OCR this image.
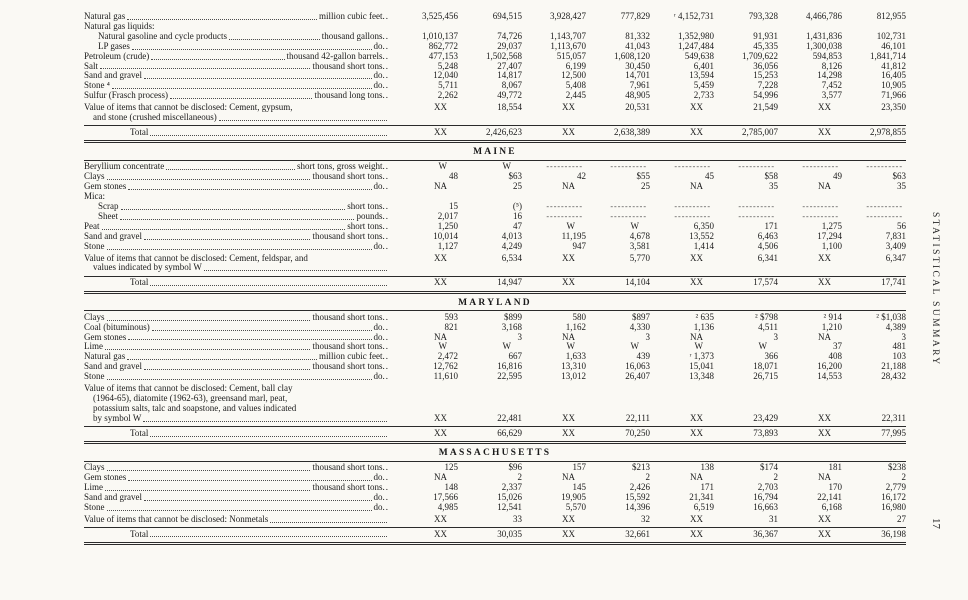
Natural gas	million cubic feet ..	3,525,456	694,515	3,928,427	777,829	ʳ 4,152,731	793,328	4,466,786	812,955
Natural gas liquids:
Natural gasoline and cycle products	thousand gallons ..	1,010,137	74,726	1,143,707	81,332	1,352,980	91,931	1,431,836	102,731
LP gases	do ..	862,772	29,037	1,113,670	41,043	1,247,484	45,335	1,300,038	46,101
Petroleum (crude)	thousand 42-gallon barrels ..	477,153	1,502,568	515,057	1,608,120	549,638	1,709,622	594,853	1,841,714
Salt	thousand short tons ..	5,248	27,407	6,199	30,450	6,401	36,056	8,126	41,812
Sand and gravel	do ..	12,040	14,817	12,500	14,701	13,594	15,253	14,298	16,405
Stone ⁴	do ..	5,711	8,067	5,408	7,961	5,459	7,228	7,452	10,905
Sulfur (Frasch process)	thousand long tons ..	2,262	49,772	2,445	48,905	2,733	54,996	3,577	71,966
Value of items that cannot be disclosed: Cement, gypsum,
and stone (crushed miscellaneous)
XX	18,554	XX	20,531	XX	21,549	XX	23,350
Total	XX	2,426,623	XX	2,638,389	XX	2,785,007	XX	2,978,855
MAINE
Beryllium concentrate	short tons, gross weight ..	W	W	----------	----------	----------	----------	----------	----------
Clays	thousand short tons ..	48	$63	42	$55	45	$58	49	$63
Gem stones	do ..	NA	25	NA	25	NA	35	NA	35
Mica:
Scrap	short tons ..	15	(⁵)	----------	----------	----------	----------	----------	----------
Sheet	pounds ..	2,017	16	----------	----------	----------	----------	----------	----------
Peat	short tons ..	1,250	47	W	W	6,350	171	1,275	56
Sand and gravel	thousand short tons ..	10,014	4,013	11,195	4,678	13,552	6,463	17,294	7,831
Stone	do ..	1,127	4,249	947	3,581	1,414	4,506	1,100	3,409
Value of items that cannot be disclosed: Cement, feldspar, and
values indicated by symbol W
XX	6,534	XX	5,770	XX	6,341	XX	6,347
Total	XX	14,947	XX	14,104	XX	17,574	XX	17,741
MARYLAND
Clays	thousand short tons ..	593	$899	580	$897	² 635	² $798	² 914	² $1,038
Coal (bituminous)	do ..	821	3,168	1,162	4,330	1,136	4,511	1,210	4,389
Gem stones	do ..	NA	3	NA	3	NA	3	NA	3
Lime	thousand short tons ..	W	W	W	W	W	W	37	481
Natural gas	million cubic feet ..	2,472	667	1,633	439	ʳ 1,373	366	408	103
Sand and gravel	thousand short tons ..	12,762	16,816	13,310	16,063	15,041	18,071	16,200	21,188
Stone	do ..	11,610	22,595	13,012	26,407	13,348	26,715	14,553	28,432
Value of items that cannot be disclosed: Cement, ball clay
(1964-65), diatomite (1962-63), greensand marl, peat,
potassium salts, talc and soapstone, and values indicated
by symbol W	XX	22,481	XX	22,111	XX	23,429	XX	22,311
Total	XX	66,629	XX	70,250	XX	73,893	XX	77,995
MASSACHUSETTS
Clays	thousand short tons ..	125	$96	157	$213	138	$174	181	$238
Gem stones	do ..	NA	2	NA	2	NA	2	NA	2
Lime	thousand short tons ..	148	2,337	145	2,426	171	2,703	170	2,779
Sand and gravel	do ..	17,566	15,026	19,905	15,592	21,341	16,794	22,141	16,172
Stone	do ..	4,985	12,541	5,570	14,396	6,519	16,663	6,168	16,980
Value of items that cannot be disclosed: Nonmetals	XX	33	XX	32	XX	31	XX	27
Total	XX	30,035	XX	32,661	XX	36,367	XX	36,198
STATISTICAL SUMMARY
17
